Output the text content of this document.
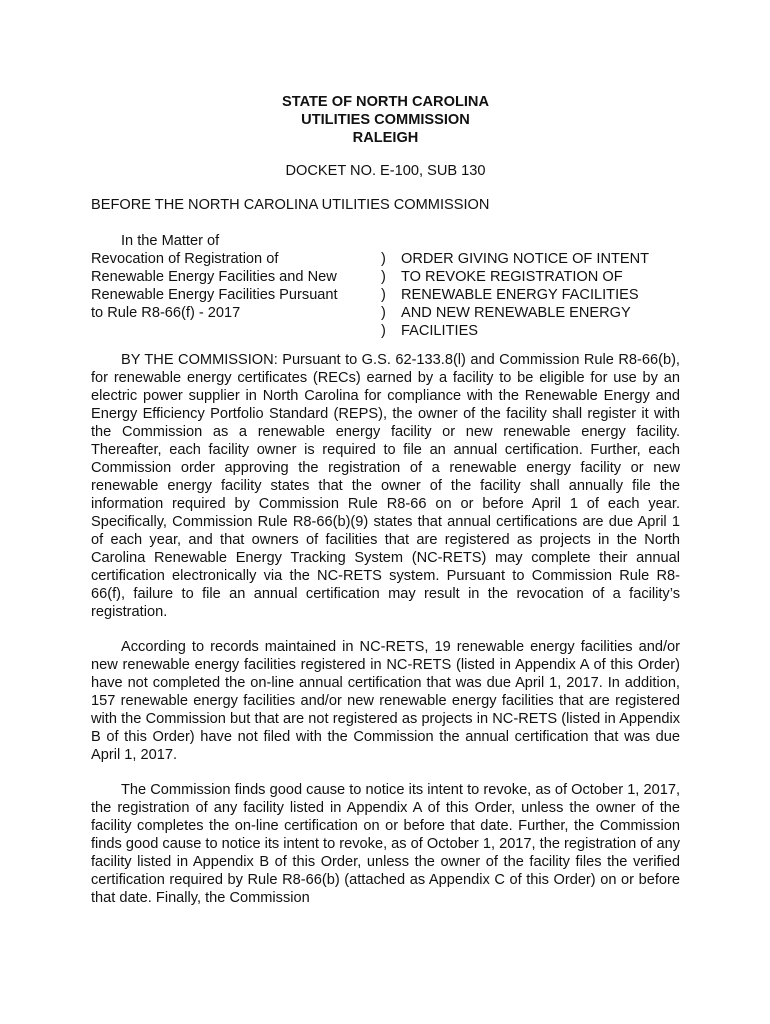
STATE OF NORTH CAROLINA

UTILITIES COMMISSION

RALEIGH

DOCKET NO. E-100, SUB 130
BEFORE THE NORTH CAROLINA UTILITIES COMMISSION
In the Matter of
Revocation of Registration of
Renewable Energy Facilities and New
Renewable Energy Facilities Pursuant
to Rule R8-66(f) - 2017
)
)
)
)
)
ORDER GIVING NOTICE OF INTENT
TO REVOKE REGISTRATION OF
RENEWABLE ENERGY FACILITIES
AND NEW RENEWABLE ENERGY
FACILITIES

BY THE COMMISSION: Pursuant to G.S. 62-133.8(l) and Commission Rule R8-66(b), for renewable energy certificates (RECs) earned by a facility to be eligible for use by an electric power supplier in North Carolina for compliance with the Renewable Energy and Energy Efficiency Portfolio Standard (REPS), the owner of the facility shall register it with the Commission as a renewable energy facility or new renewable energy facility. Thereafter, each facility owner is required to file an annual certification. Further, each Commission order approving the registration of a renewable energy facility or new renewable energy facility states that the owner of the facility shall annually file the information required by Commission Rule R8-66 on or before April 1 of each year. Specifically, Commission Rule R8-66(b)(9) states that annual certifications are due April 1 of each year, and that owners of facilities that are registered as projects in the North Carolina Renewable Energy Tracking System (NC-RETS) may complete their annual certification electronically via the NC-RETS system. Pursuant to Commission Rule R8-66(f), failure to file an annual certification may result in the revocation of a facility’s registration.

According to records maintained in NC-RETS, 19 renewable energy facilities and/or new renewable energy facilities registered in NC-RETS (listed in Appendix A of this Order) have not completed the on-line annual certification that was due April 1, 2017. In addition, 157 renewable energy facilities and/or new renewable energy facilities that are registered with the Commission but that are not registered as projects in NC-RETS (listed in Appendix B of this Order) have not filed with the Commission the annual certification that was due April 1, 2017.

The Commission finds good cause to notice its intent to revoke, as of October 1, 2017, the registration of any facility listed in Appendix A of this Order, unless the owner of the facility completes the on-line certification on or before that date. Further, the Commission finds good cause to notice its intent to revoke, as of October 1, 2017, the registration of any facility listed in Appendix B of this Order, unless the owner of the facility files the verified certification required by Rule R8-66(b) (attached as Appendix C of this Order) on or before that date. Finally, the Commission
